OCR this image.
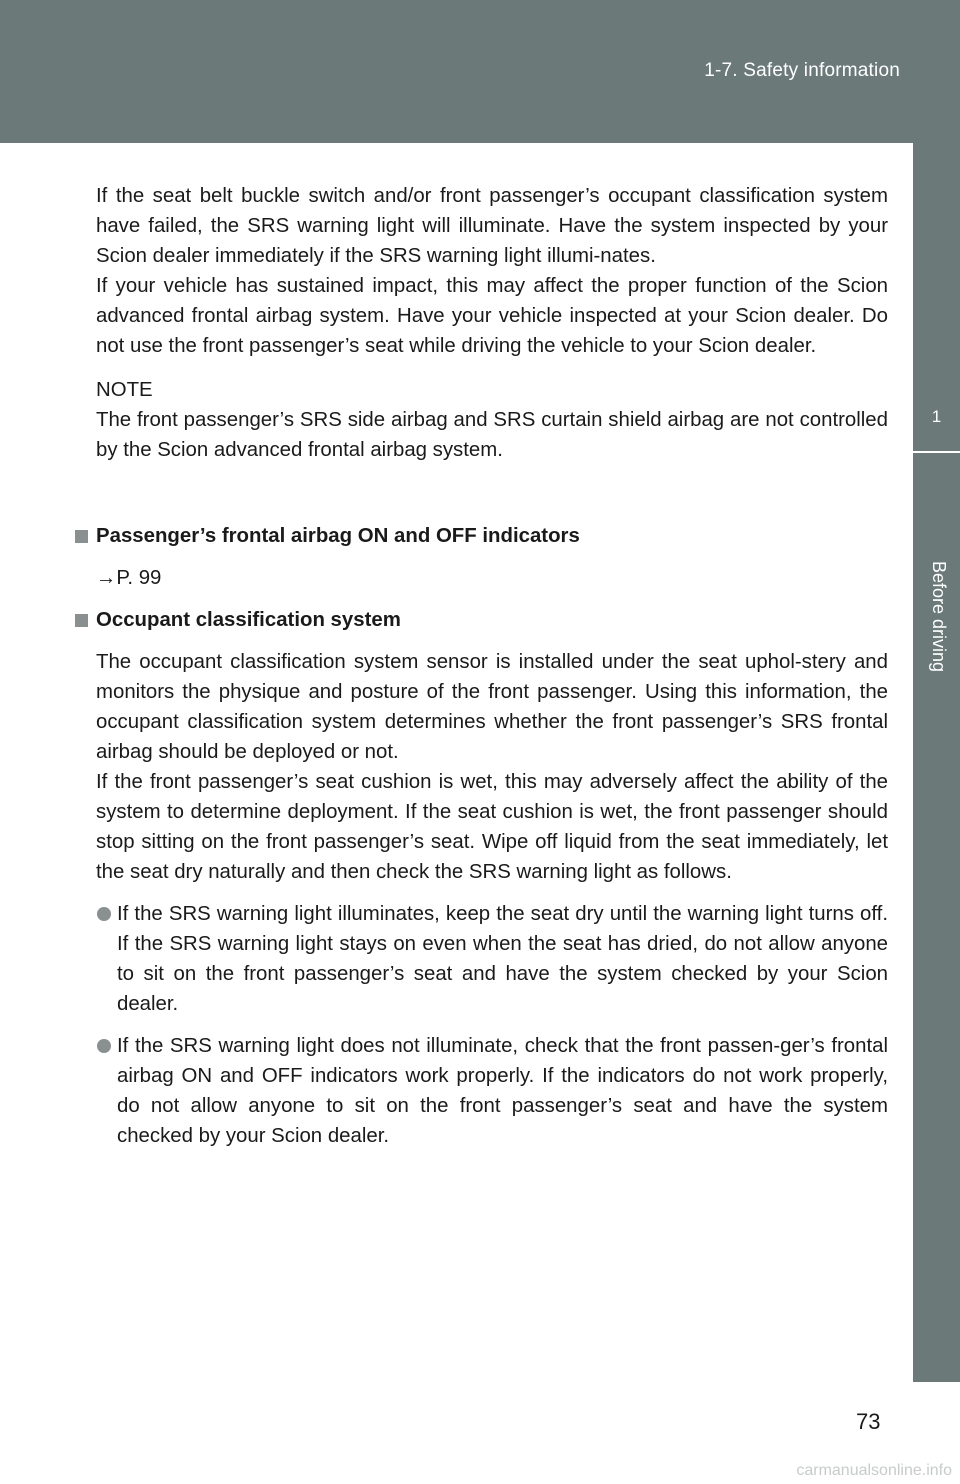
1-7. Safety information
1
Before driving

If the seat belt buckle switch and/or front passenger’s occupant classification system have failed, the SRS warning light will illuminate. Have the system inspected by your Scion dealer immediately if the SRS warning light illumi-nates.

If your vehicle has sustained impact, this may affect the proper function of the Scion advanced frontal airbag system. Have your vehicle inspected at your Scion dealer. Do not use the front passenger’s seat while driving the vehicle to your Scion dealer.

NOTE

The front passenger’s SRS side airbag and SRS curtain shield airbag are not controlled by the Scion advanced frontal airbag system.

Passenger’s frontal airbag ON and OFF indicators

→P. 99

Occupant classification system

The occupant classification system sensor is installed under the seat uphol-stery and monitors the physique and posture of the front passenger. Using this information, the occupant classification system determines whether the front passenger’s SRS frontal airbag should be deployed or not.

If the front passenger’s seat cushion is wet, this may adversely affect the ability of the system to determine deployment. If the seat cushion is wet, the front passenger should stop sitting on the front passenger’s seat. Wipe off liquid from the seat immediately, let the seat dry naturally and then check the SRS warning light as follows.

If the SRS warning light illuminates, keep the seat dry until the warning light turns off. If the SRS warning light stays on even when the seat has dried, do not allow anyone to sit on the front passenger’s seat and have the system checked by your Scion dealer.
If the SRS warning light does not illuminate, check that the front passen-ger’s frontal airbag ON and OFF indicators work properly. If the indicators do not work properly, do not allow anyone to sit on the front passenger’s seat and have the system checked by your Scion dealer.
73
carmanualsonline.info
